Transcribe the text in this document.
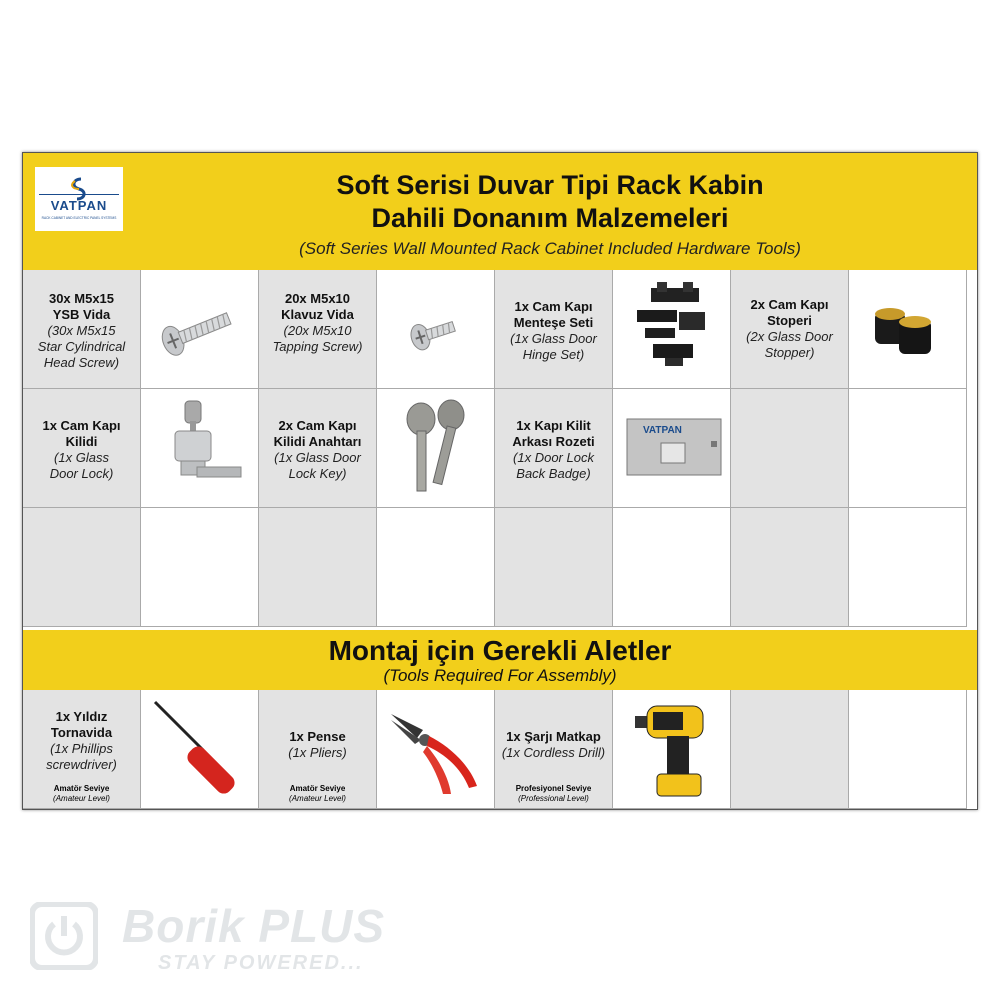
VATPAN
RACK CABINET AND ELECTRIC PANEL SYSTEMS
Soft Serisi Duvar Tipi Rack Kabin
Dahili Donanım Malzemeleri
(Soft Series Wall Mounted Rack Cabinet Included Hardware Tools)
30x M5x15
YSB Vida
(30x M5x15
Star Cylindrical
Head Screw)
20x M5x10
Klavuz Vida
(20x M5x10
Tapping Screw)
1x Cam Kapı
Menteşe Seti
(1x Glass Door
Hinge Set)
2x Cam Kapı
Stoperi
(2x Glass Door
Stopper)
1x Cam Kapı
Kilidi
(1x Glass
Door Lock)
2x Cam Kapı
Kilidi Anahtarı
(1x Glass Door
Lock Key)
1x Kapı Kilit
Arkası Rozeti
(1x Door Lock
Back Badge)
VATPAN
Montaj için Gerekli Aletler
(Tools Required For Assembly)
1x Yıldız
Tornavida
(1x Phillips
screwdriver)
Amatör Seviye
(Amateur Level)
1x Pense
(1x Pliers)
Amatör Seviye
(Amateur Level)
1x Şarjı Matkap
(1x Cordless Drill)
Profesiyonel Seviye
(Professional Level)
Borik PLUS
STAY POWERED...
